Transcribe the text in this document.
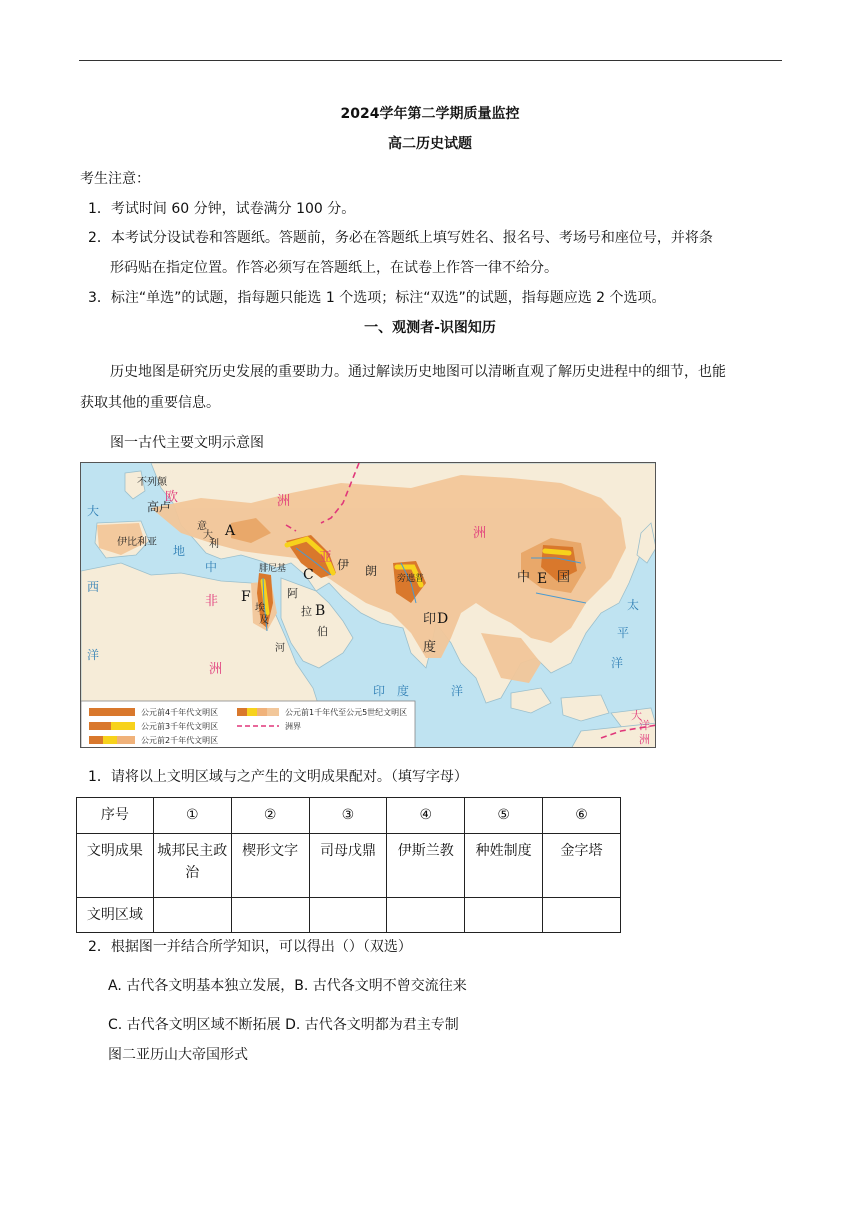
2024学年第二学期质量监控
高二历史试题
考生注意：
1．考试时间 60 分钟，试卷满分 100 分。
2．本考试分设试卷和答题纸。答题前，务必在答题纸上填写姓名、报名号、考场号和座位号，并将条
形码贴在指定位置。作答必须写在答题纸上，在试卷上作答一律不给分。
3．标注“单选”的试题，指每题只能选 1 个选项；标注“双选”的试题，指每题应选 2 个选项。
一、观测者-识图知历
历史地图是研究历史发展的重要助力。通过解读历史地图可以清晰直观了解历史进程中的细节，也能
获取其他的重要信息。
图一古代主要文明示意图
不列颠
高卢
意
大
利
伊比利亚
腓尼基
埃
及
伊 朗
旁遮普	中 国
阿
拉
伯
印
度
河
欧	洲
亚
洲
非
洲
大
洋
洲
大
西
洋
太
平
洋
地
中
印 度	洋
A
B
C
D
E
F
公元前4千年代文明区
公元前3千年代文明区
公元前2千年代文明区
公元前1千年代至公元5世纪文明区
洲界
1．请将以上文明区域与之产生的文明成果配对。（填写字母）
序号	①	②	③	④	⑤	⑥
文明成果	城邦民主政治	楔形文字	司母戊鼎	伊斯兰教	种姓制度	金字塔
文明区域						
2．根据图一并结合所学知识，可以得出（）（双选）
A. 古代各文明基本独立发展，B. 古代各文明不曾交流往来
C. 古代各文明区域不断拓展 D. 古代各文明都为君主专制
图二亚历山大帝国形式
